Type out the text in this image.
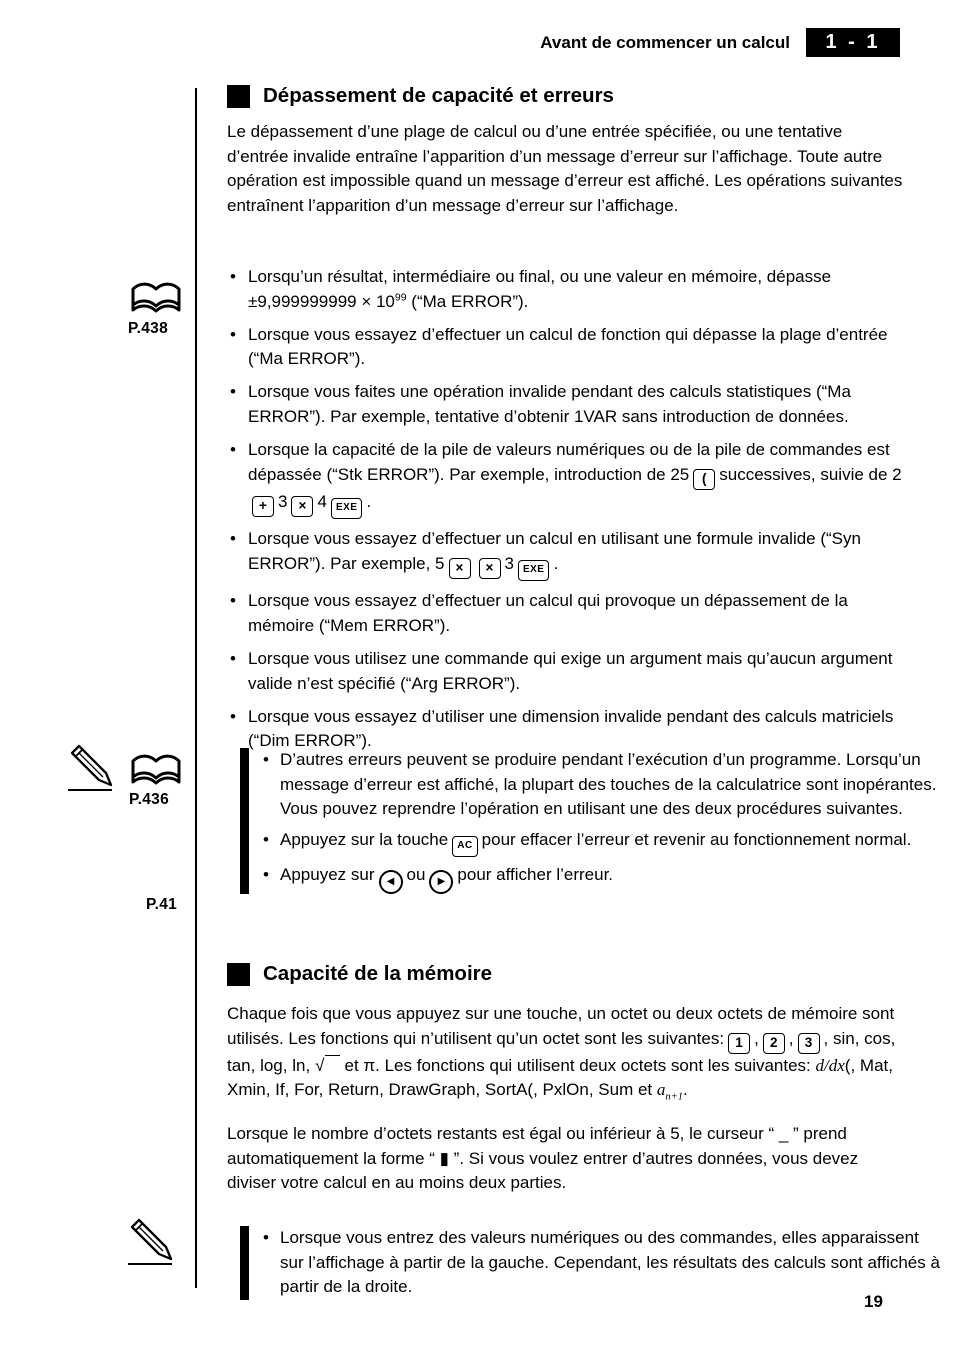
Avant de commencer un calcul	1 - 1
P.438
P.436
P.41
Dépassement de capacité et erreurs
Le dépassement d’une plage de calcul ou d’une entrée spécifiée, ou une tentative d’entrée invalide entraîne l’apparition d’un message d’erreur sur l’affichage. Toute autre opération est impossible quand un message d’erreur est affiché. Les opérations suivantes entraînent l’apparition d’un message d’erreur sur l’affichage.
• Lorsqu’un résultat, intermédiaire ou final, ou une valeur en mémoire, dépasse $\pm 9,999999999 \times 10^{99}$ (“Ma ERROR”).
• Lorsque vous essayez d’effectuer un calcul de fonction qui dépasse la plage d’entrée (“Ma ERROR”).
• Lorsque vous faites une opération invalide pendant des calculs statistiques (“Ma ERROR”). Par exemple, tentative d’obtenir 1VAR sans introduction de données.
• Lorsque la capacité de la pile de valeurs numériques ou de la pile de commandes est dépassée (“Stk ERROR”). Par exemple, introduction de 25 ( successives, suivie de 2+ 3 × 4 EXE .
• Lorsque vous essayez d’effectuer un calcul en utilisant une formule invalide (“Syn ERROR”). Par exemple, 5 × × 3 EXE .
• Lorsque vous essayez d’effectuer un calcul qui provoque un dépassement de la mémoire (“Mem ERROR”).
• Lorsque vous utilisez une commande qui exige un argument mais qu’aucun argument valide n’est spécifié (“Arg ERROR”).
• Lorsque vous essayez d’utiliser une dimension invalide pendant des calculs matriciels (“Dim ERROR”).
• D’autres erreurs peuvent se produire pendant l’exécution d’un programme. Lorsqu’un message d’erreur est affiché, la plupart des touches de la calculatrice sont inopérantes. Vous pouvez reprendre l’opération en utilisant une des deux procédures suivantes.
• Appuyez sur la touche AC pour effacer l’erreur et revenir au fonctionnement normal.
• Appuyez sur ◀ ou ▶ pour afficher l’erreur.
Capacité de la mémoire
Chaque fois que vous appuyez sur une touche, un octet ou deux octets de mémoire sont utilisés. Les fonctions qui n’utilisent qu’un octet sont les suivantes: 1 , 2 , 3 , sin, cos, tan, log, ln, √ et π. Les fonctions qui utilisent deux octets sont les suivantes: d/dx(, Mat, Xmin, If, For, Return, DrawGraph, SortA(, PxlOn, Sum et $a_{n+1}$.
Lorsque le nombre d’octets restants est égal ou inférieur à 5, le curseur “ _ ” prend automatiquement la forme “ ▮ ”. Si vous voulez entrer d’autres données, vous devez diviser votre calcul en au moins deux parties.
• Lorsque vous entrez des valeurs numériques ou des commandes, elles apparaissent sur l’affichage à partir de la gauche. Cependant, les résultats des calculs sont affichés à partir de la droite.
19
